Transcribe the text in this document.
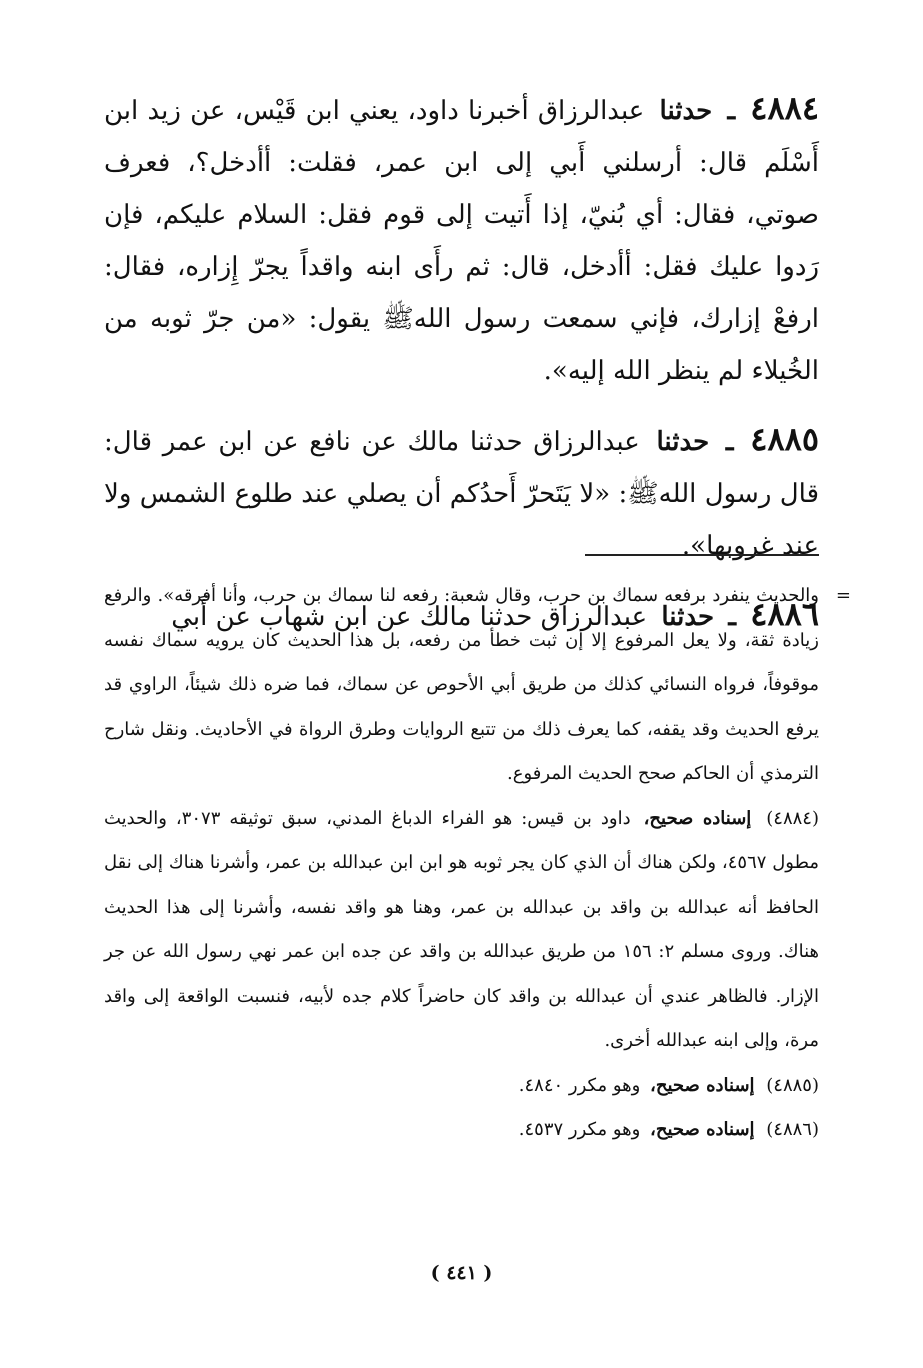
٤٨٨٤ ـ حدثنا عبدالرزاق أخبرنا داود، يعني ابن قَيْس، عن زيد ابن أَسْلَم قال: أرسلني أَبي إلى ابن عمر، فقلت: أأدخل؟، فعرف صوتي، فقال: أي بُنيّ، إذا أَتيت إلى قوم فقل: السلام عليكم، فإن رَدوا عليك فقل: أأدخل، قال: ثم رأَى ابنه واقداً يجرّ إِزاره، فقال: ارفعْ إزارك، فإني سمعت رسول اللهﷺ يقول: «من جرّ ثوبه من الخُيلاء لم ينظر الله إليه».

٤٨٨٥ ـ حدثنا عبدالرزاق حدثنا مالك عن نافع عن ابن عمر قال: قال رسول اللهﷺ: «لا يَتَحرّ أَحدُكم أن يصلي عند طلوع الشمس ولا عند غروبها».

٤٨٨٦ ـ حدثنا عبدالرزاق حدثنا مالك عن ابن شهاب عن أَبي

=
والحديث ينفرد برفعه سماك بن حرب، وقال شعبة: رفعه لنا سماك بن حرب، وأنا أفرقه». والرفع زيادة ثقة، ولا يعل المرفوع إلا إن ثبت خطأ من رفعه، بل هذا الحديث كان يرويه سماك نفسه موقوفاً، فرواه النسائي كذلك من طريق أبي الأحوص عن سماك، فما ضره ذلك شيئاً، الراوي قد يرفع الحديث وقد يقفه، كما يعرف ذلك من تتبع الروايات وطرق الرواة في الأحاديث. ونقل شارح الترمذي أن الحاكم صحح الحديث المرفوع.

(٤٨٨٤) إسناده صحيح، داود بن قيس: هو الفراء الدباغ المدني، سبق توثيقه ٣٠٧٣، والحديث مطول ٤٥٦٧، ولكن هناك أن الذي كان يجر ثوبه هو ابن ابن عبدالله بن عمر، وأشرنا هناك إلى نقل الحافظ أنه عبدالله بن واقد بن عبدالله بن عمر، وهنا هو واقد نفسه، وأشرنا إلى هذا الحديث هناك. وروى مسلم ٢: ١٥٦ من طريق عبدالله بن واقد عن جده ابن عمر نهي رسول الله عن جر الإزار. فالظاهر عندي أن عبدالله بن واقد كان حاضراً كلام جده لأبيه، فنسبت الواقعة إلى واقد مرة، وإلى ابنه عبدالله أخرى.

(٤٨٨٥) إسناده صحيح، وهو مكرر ٤٨٤٠.

(٤٨٨٦) إسناده صحيح، وهو مكرر ٤٥٣٧.

( ٤٤١ )
